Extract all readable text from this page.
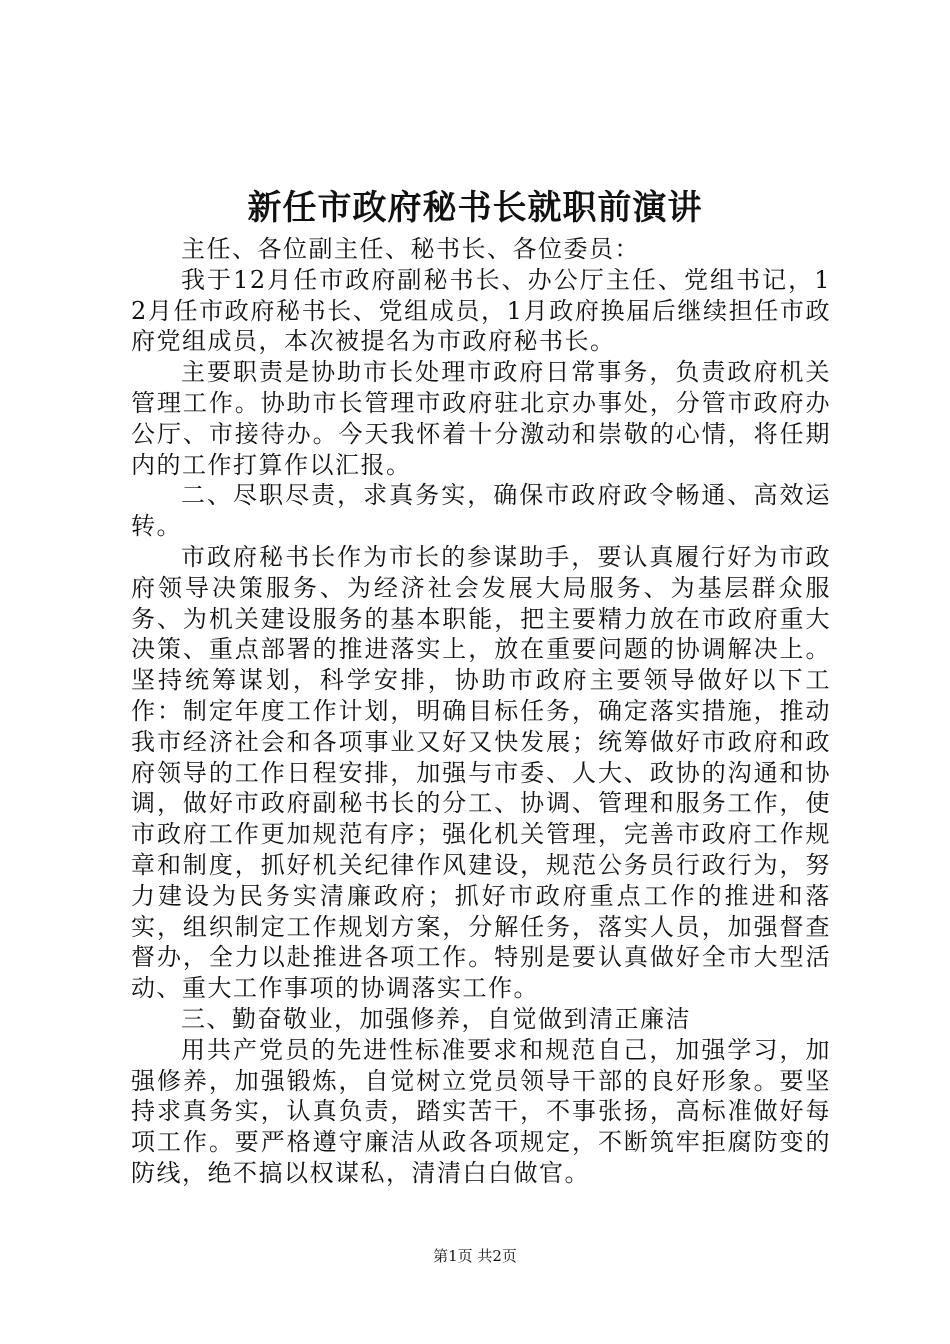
新任市政府秘书长就职前演讲

主任、各位副主任、秘书长、各位委员：

我于12月任市政府副秘书长、办公厅主任、党组书记，12月任市政府秘书长、党组成员，1月政府换届后继续担任市政府党组成员，本次被提名为市政府秘书长。

主要职责是协助市长处理市政府日常事务，负责政府机关管理工作。协助市长管理市政府驻北京办事处，分管市政府办公厅、市接待办。今天我怀着十分激动和崇敬的心情，将任期内的工作打算作以汇报。

二、尽职尽责，求真务实，确保市政府政令畅通、高效运转。

市政府秘书长作为市长的参谋助手，要认真履行好为市政府领导决策服务、为经济社会发展大局服务、为基层群众服务、为机关建设服务的基本职能，把主要精力放在市政府重大决策、重点部署的推进落实上，放在重要问题的协调解决上。坚持统筹谋划，科学安排，协助市政府主要领导做好以下工作：制定年度工作计划，明确目标任务，确定落实措施，推动我市经济社会和各项事业又好又快发展；统筹做好市政府和政府领导的工作日程安排，加强与市委、人大、政协的沟通和协调，做好市政府副秘书长的分工、协调、管理和服务工作，使市政府工作更加规范有序；强化机关管理，完善市政府工作规章和制度，抓好机关纪律作风建设，规范公务员行政行为，努力建设为民务实清廉政府；抓好市政府重点工作的推进和落实，组织制定工作规划方案，分解任务，落实人员，加强督查督办，全力以赴推进各项工作。特别是要认真做好全市大型活动、重大工作事项的协调落实工作。

三、勤奋敬业，加强修养，自觉做到清正廉洁

用共产党员的先进性标准要求和规范自己，加强学习，加强修养，加强锻炼，自觉树立党员领导干部的良好形象。要坚持求真务实，认真负责，踏实苦干，不事张扬，高标准做好每项工作。要严格遵守廉洁从政各项规定，不断筑牢拒腐防变的防线，绝不搞以权谋私，清清白白做官。

第1页 共2页
